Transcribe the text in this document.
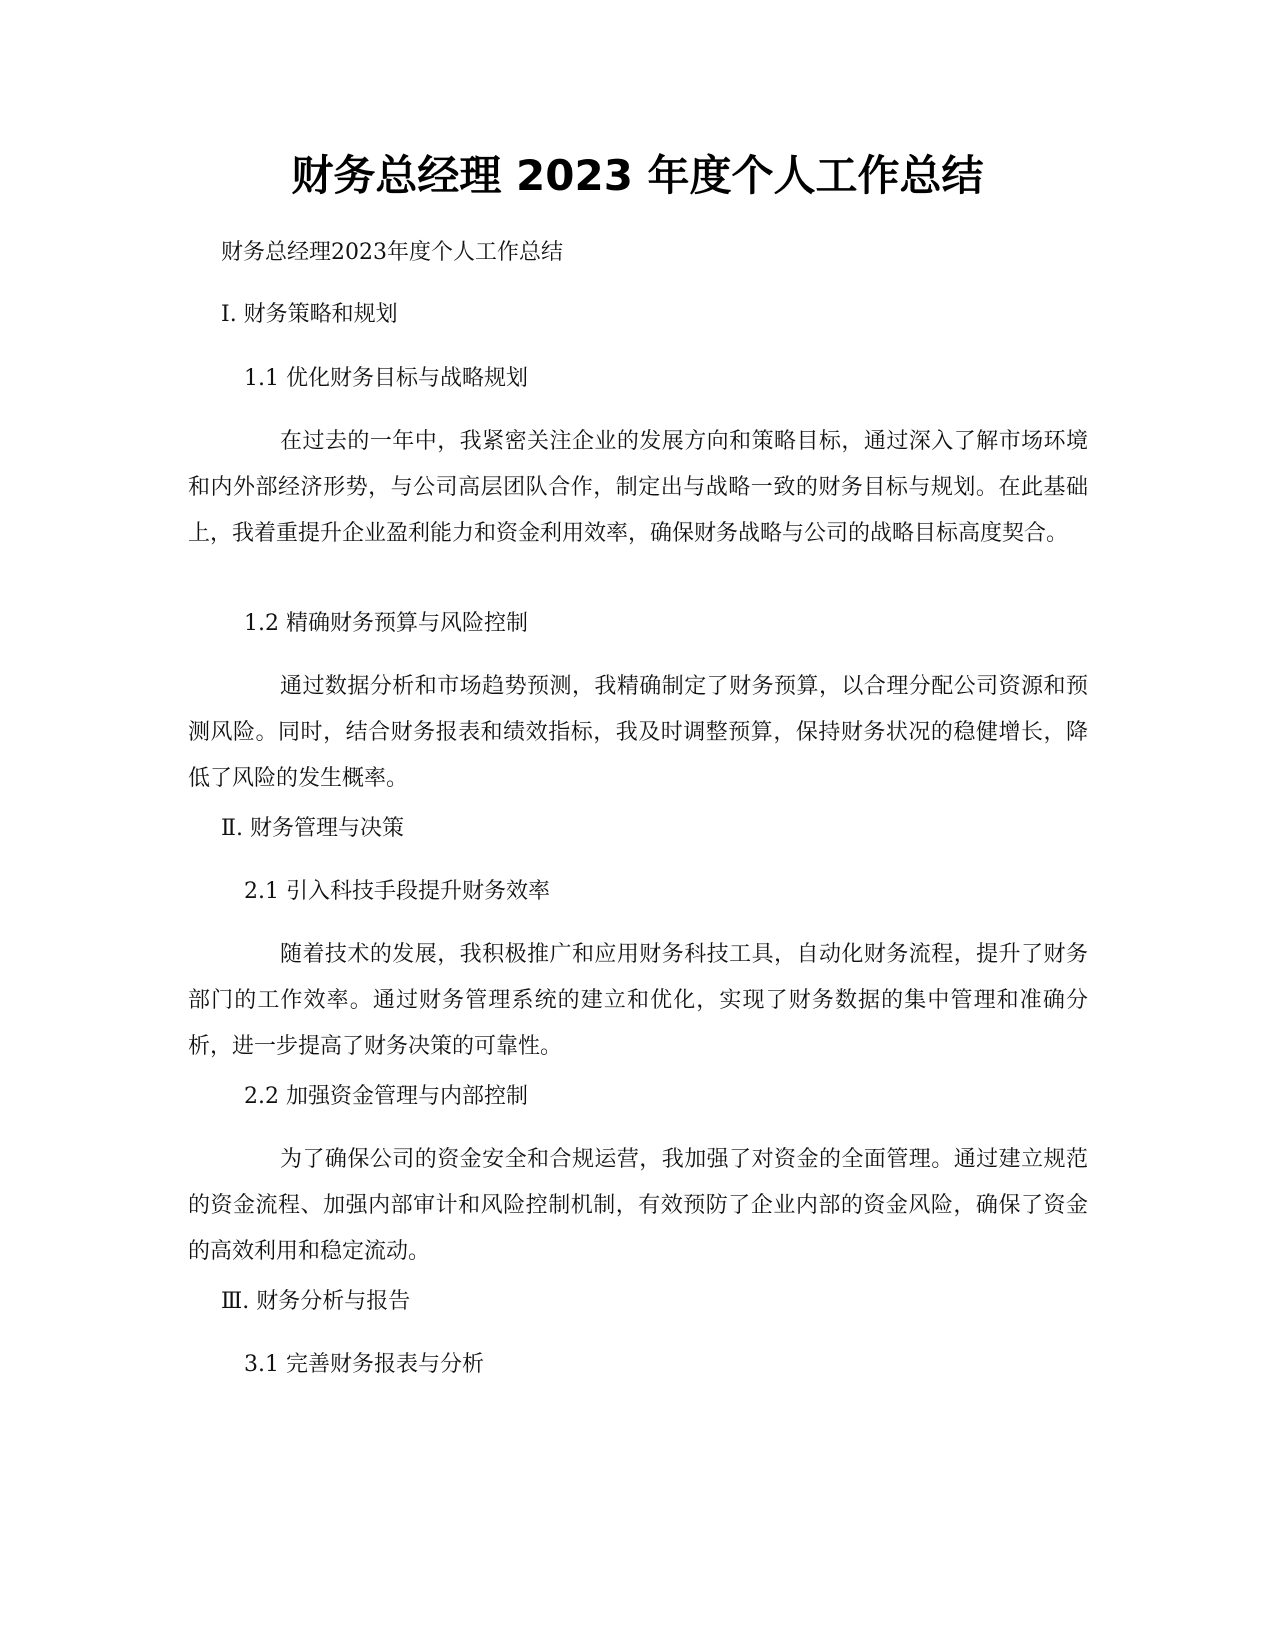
财务总经理 2023 年度个人工作总结
财务总经理2023年度个人工作总结
Ⅰ. 财务策略和规划
1.1 优化财务目标与战略规划
在过去的一年中，我紧密关注企业的发展方向和策略目标，通过深入了解市场环境和内外部经济形势，与公司高层团队合作，制定出与战略一致的财务目标与规划。在此基础上，我着重提升企业盈利能力和资金利用效率，确保财务战略与公司的战略目标高度契合。
1.2 精确财务预算与风险控制
通过数据分析和市场趋势预测，我精确制定了财务预算，以合理分配公司资源和预测风险。同时，结合财务报表和绩效指标，我及时调整预算，保持财务状况的稳健增长，降低了风险的发生概率。
Ⅱ. 财务管理与决策
2.1 引入科技手段提升财务效率
随着技术的发展，我积极推广和应用财务科技工具，自动化财务流程，提升了财务部门的工作效率。通过财务管理系统的建立和优化，实现了财务数据的集中管理和准确分析，进一步提高了财务决策的可靠性。
2.2 加强资金管理与内部控制
为了确保公司的资金安全和合规运营，我加强了对资金的全面管理。通过建立规范的资金流程、加强内部审计和风险控制机制，有效预防了企业内部的资金风险，确保了资金的高效利用和稳定流动。
Ⅲ. 财务分析与报告
3.1 完善财务报表与分析
